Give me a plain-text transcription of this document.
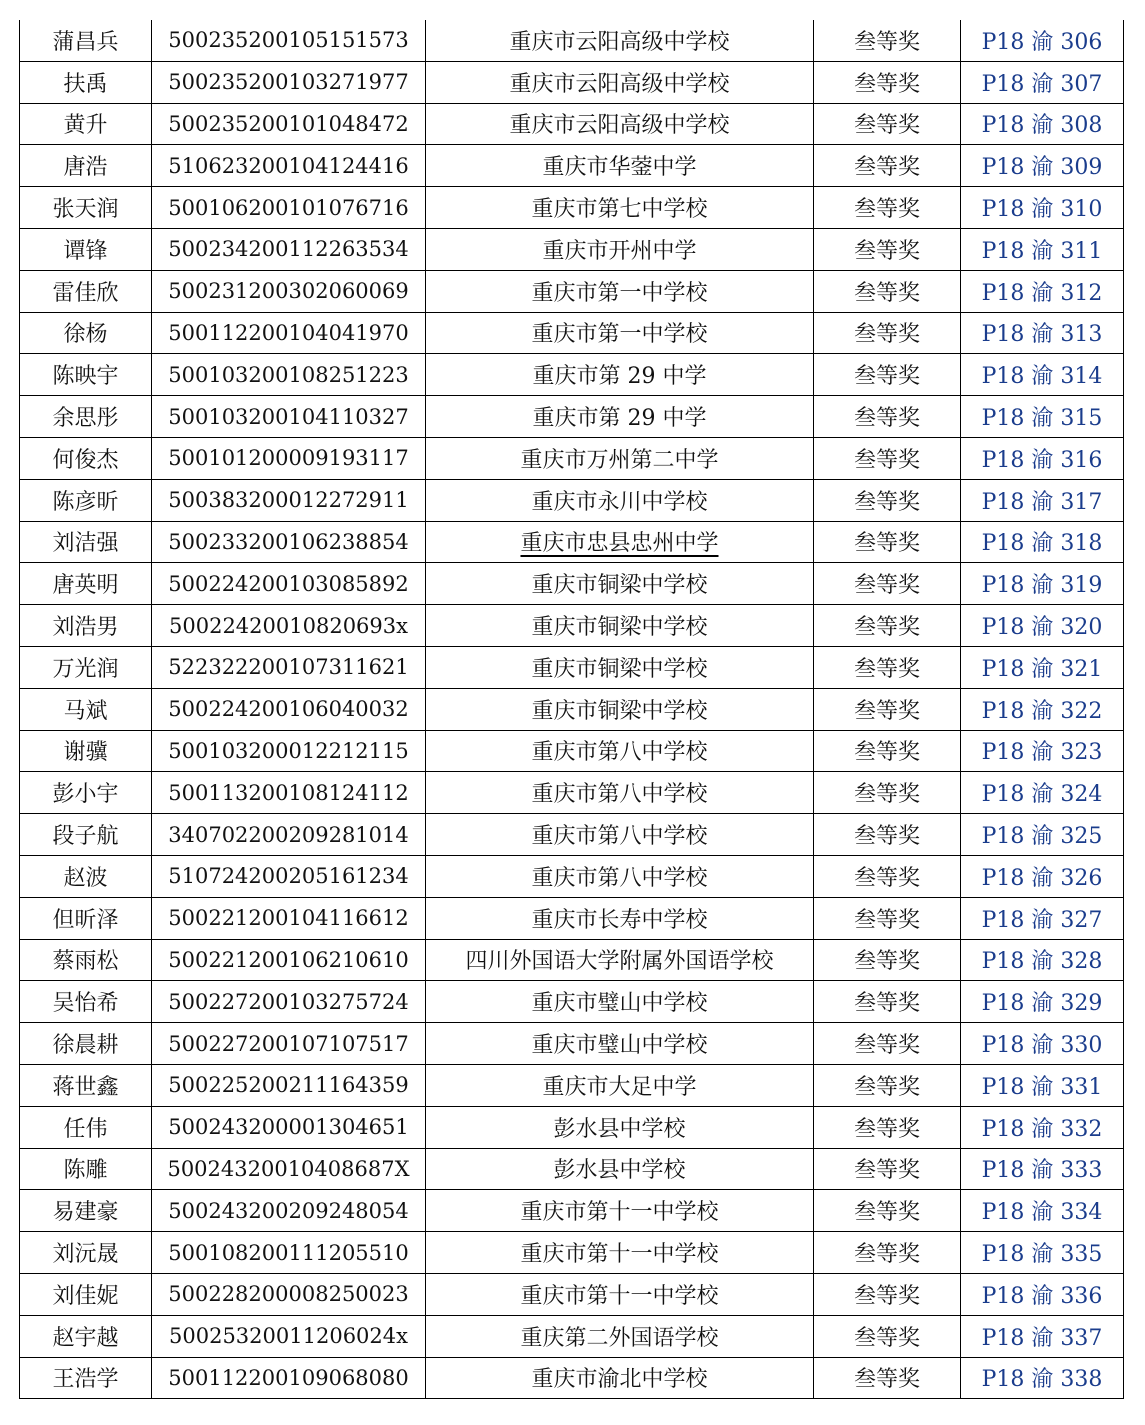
蒲昌兵	500235200105151573	重庆市云阳高级中学校	叁等奖	P18 渝 306
扶禹	500235200103271977	重庆市云阳高级中学校	叁等奖	P18 渝 307
黄升	500235200101048472	重庆市云阳高级中学校	叁等奖	P18 渝 308
唐浩	510623200104124416	重庆市华蓥中学	叁等奖	P18 渝 309
张天润	500106200101076716	重庆市第七中学校	叁等奖	P18 渝 310
谭锋	500234200112263534	重庆市开州中学	叁等奖	P18 渝 311
雷佳欣	500231200302060069	重庆市第一中学校	叁等奖	P18 渝 312
徐杨	500112200104041970	重庆市第一中学校	叁等奖	P18 渝 313
陈映宇	500103200108251223	重庆市第 29 中学	叁等奖	P18 渝 314
余思彤	500103200104110327	重庆市第 29 中学	叁等奖	P18 渝 315
何俊杰	500101200009193117	重庆市万州第二中学	叁等奖	P18 渝 316
陈彦昕	500383200012272911	重庆市永川中学校	叁等奖	P18 渝 317
刘洁强	500233200106238854	重庆市忠县忠州中学	叁等奖	P18 渝 318
唐英明	500224200103085892	重庆市铜梁中学校	叁等奖	P18 渝 319
刘浩男	50022420010820693x	重庆市铜梁中学校	叁等奖	P18 渝 320
万光润	522322200107311621	重庆市铜梁中学校	叁等奖	P18 渝 321
马斌	500224200106040032	重庆市铜梁中学校	叁等奖	P18 渝 322
谢骥	500103200012212115	重庆市第八中学校	叁等奖	P18 渝 323
彭小宇	500113200108124112	重庆市第八中学校	叁等奖	P18 渝 324
段子航	340702200209281014	重庆市第八中学校	叁等奖	P18 渝 325
赵波	510724200205161234	重庆市第八中学校	叁等奖	P18 渝 326
但昕泽	500221200104116612	重庆市长寿中学校	叁等奖	P18 渝 327
蔡雨松	500221200106210610	四川外国语大学附属外国语学校	叁等奖	P18 渝 328
吴怡希	500227200103275724	重庆市璧山中学校	叁等奖	P18 渝 329
徐晨耕	500227200107107517	重庆市璧山中学校	叁等奖	P18 渝 330
蒋世鑫	500225200211164359	重庆市大足中学	叁等奖	P18 渝 331
任伟	500243200001304651	彭水县中学校	叁等奖	P18 渝 332
陈雕	50024320010408687X	彭水县中学校	叁等奖	P18 渝 333
易建豪	500243200209248054	重庆市第十一中学校	叁等奖	P18 渝 334
刘沅晟	500108200111205510	重庆市第十一中学校	叁等奖	P18 渝 335
刘佳妮	500228200008250023	重庆市第十一中学校	叁等奖	P18 渝 336
赵宇越	50025320011206024x	重庆第二外国语学校	叁等奖	P18 渝 337
王浩学	500112200109068080	重庆市渝北中学校	叁等奖	P18 渝 338
